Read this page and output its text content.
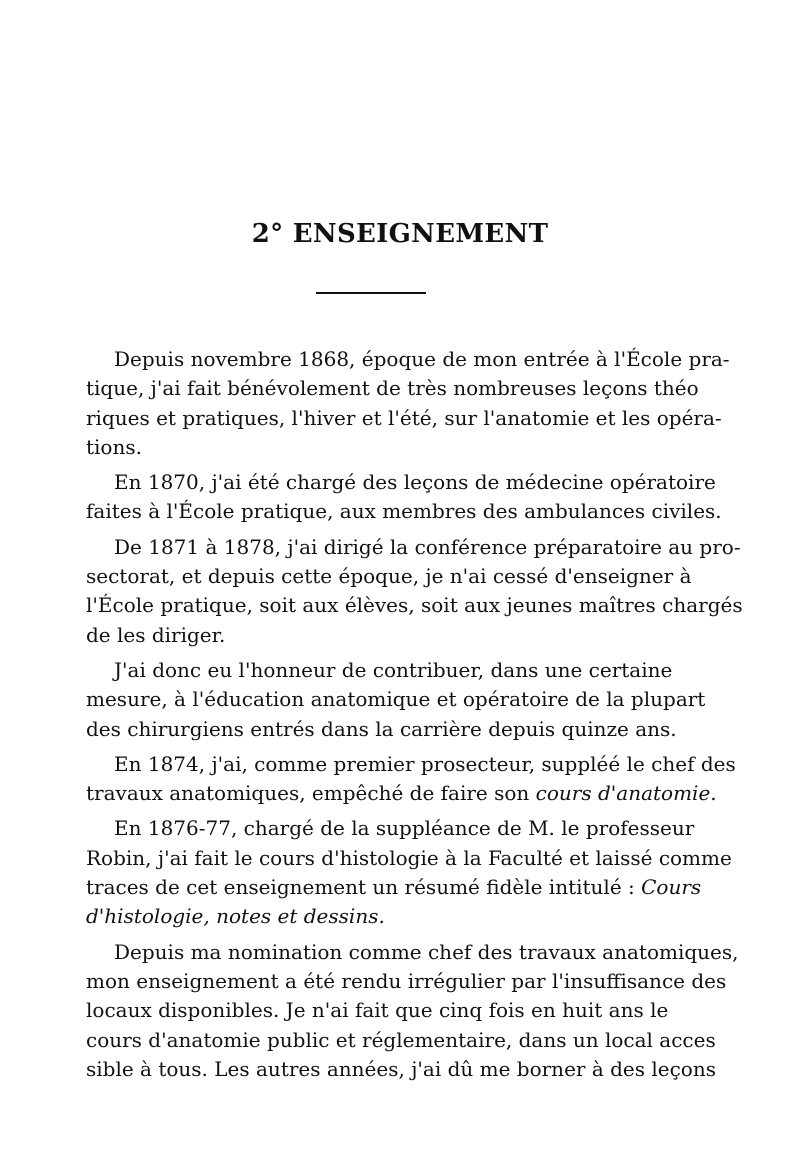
2° ENSEIGNEMENT
Depuis novembre 1868, époque de mon entrée à l'École pra-
tique, j'ai fait bénévolement de très nombreuses leçons théo
riques et pratiques, l'hiver et l'été, sur l'anatomie et les opéra-
tions.
En 1870, j'ai été chargé des leçons de médecine opératoire
faites à l'École pratique, aux membres des ambulances civiles.
De 1871 à 1878, j'ai dirigé la conférence préparatoire au pro-
sectorat, et depuis cette époque, je n'ai cessé d'enseigner à
l'École pratique, soit aux élèves, soit aux jeunes maîtres chargés
de les diriger.
J'ai donc eu l'honneur de contribuer, dans une certaine
mesure, à l'éducation anatomique et opératoire de la plupart
des chirurgiens entrés dans la carrière depuis quinze ans.
En 1874, j'ai, comme premier prosecteur, suppléé le chef des
travaux anatomiques, empêché de faire son cours d'anatomie.
En 1876-77, chargé de la suppléance de M. le professeur
Robin, j'ai fait le cours d'histologie à la Faculté et laissé comme
traces de cet enseignement un résumé fidèle intitulé : Cours
d'histologie, notes et dessins.
Depuis ma nomination comme chef des travaux anatomiques,
mon enseignement a été rendu irrégulier par l'insuffisance des
locaux disponibles. Je n'ai fait que cinq fois en huit ans le
cours d'anatomie public et réglementaire, dans un local acces
sible à tous. Les autres années, j'ai dû me borner à des leçons
